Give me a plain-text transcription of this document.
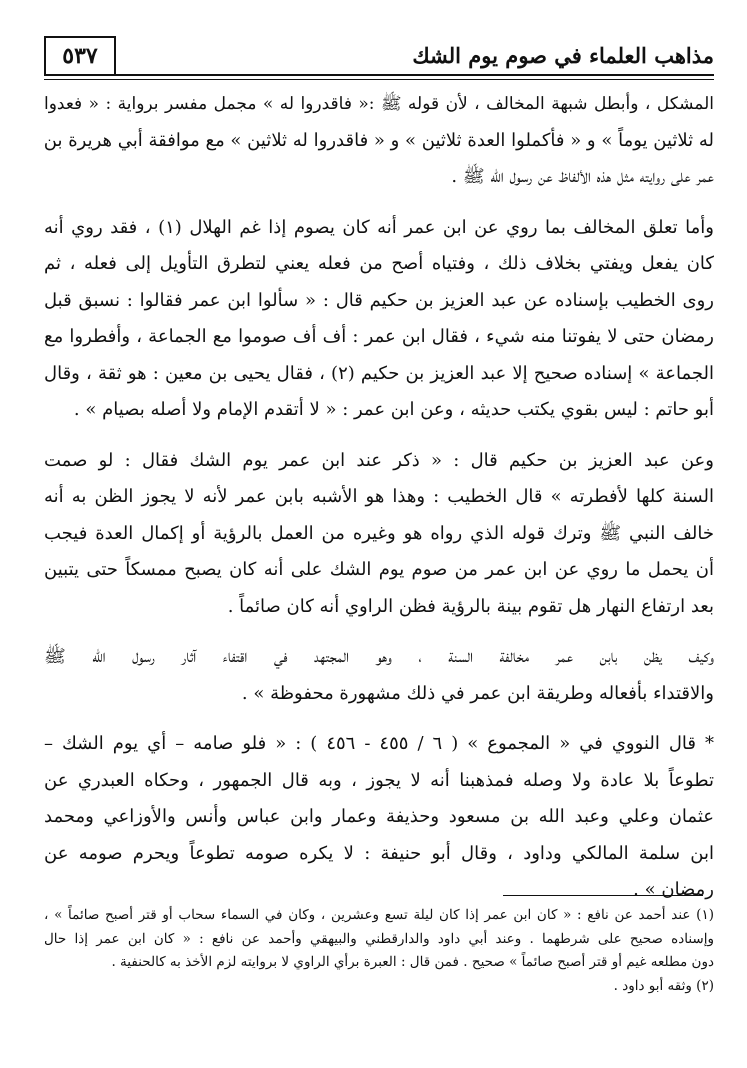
٥٣٧	مذاهب العلماء في صوم يوم الشك

المشكل ، وأبطل شبهة المخالف ، لأن قوله ﷺ :« فاقدروا له » مجمل مفسر برواية : « فعدوا
له ثلاثين يوماً » و « فأكملوا العدة ثلاثين » و « فاقدروا له ثلاثين » مع موافقة أبي هريرة بن
عمر على روايته مثل هذه الألفاظ عن رسول الله ﷺ .

وأما تعلق المخالف بما روي عن ابن عمر أنه كان يصوم إذا غم الهلال (١) ، فقد روي أنه
كان يفعل ويفتي بخلاف ذلك ، وفتياه أصح من فعله يعني لتطرق التأويل إلى فعله ، ثم
روى الخطيب بإسناده عن عبد العزيز بن حكيم قال : « سألوا ابن عمر فقالوا : نسبق قبل
رمضان حتى لا يفوتنا منه شيء ، فقال ابن عمر : أف أف صوموا مع الجماعة ، وأفطروا مع
الجماعة » إسناده صحيح إلا عبد العزيز بن حكيم (٢) ، فقال يحيى بن معين : هو ثقة ، وقال
أبو حاتم : ليس بقوي يكتب حديثه ، وعن ابن عمر : « لا أتقدم الإمام ولا أصله بصيام » .

وعن عبد العزيز بن حكيم قال : « ذكر عند ابن عمر يوم الشك فقال : لو صمت
السنة كلها لأفطرته » قال الخطيب : وهذا هو الأشبه بابن عمر لأنه لا يجوز الظن به أنه
خالف النبي ﷺ وترك قوله الذي رواه هو وغيره من العمل بالرؤية أو إكمال العدة فيجب
أن يحمل ما روي عن ابن عمر من صوم يوم الشك على أنه كان يصبح ممسكاً حتى يتبين
بعد ارتفاع النهار هل تقوم بينة بالرؤية فظن الراوي أنه كان صائماً .

وكيف يظن بابن عمر مخالفة السنة ، وهو المجتهد في اقتفاء آثار رسول الله ﷺ
والاقتداء بأفعاله وطريقة ابن عمر في ذلك مشهورة محفوظة » .

* قال النووي في « المجموع » ( ٦ / ٤٥٥ - ٤٥٦ ) : « فلو صامه – أي يوم الشك –
تطوعاً بلا عادة ولا وصله فمذهبنا أنه لا يجوز ، وبه قال الجمهور ، وحكاه العبدري عن
عثمان وعلي وعبد الله بن مسعود وحذيفة وعمار وابن عباس وأنس والأوزاعي ومحمد
ابن سلمة المالكي وداود ، وقال أبو حنيفة : لا يكره صومه تطوعاً ويحرم صومه عن
رمضان » .

(١) عند أحمد عن نافع : « كان ابن عمر إذا كان ليلة تسع وعشرين ، وكان في السماء سحاب أو قتر أصبح صائماً » ،
وإسناده صحيح على شرطهما . وعند أبي داود والدارقطني والبيهقي وأحمد عن نافع : « كان ابن عمر إذا حال
دون مطلعه غيم أو قتر أصبح صائماً » صحيح . فمن قال : العبرة برأي الراوي لا بروايته لزم الأخذ به كالحنفية .
(٢) وثقه أبو داود .
